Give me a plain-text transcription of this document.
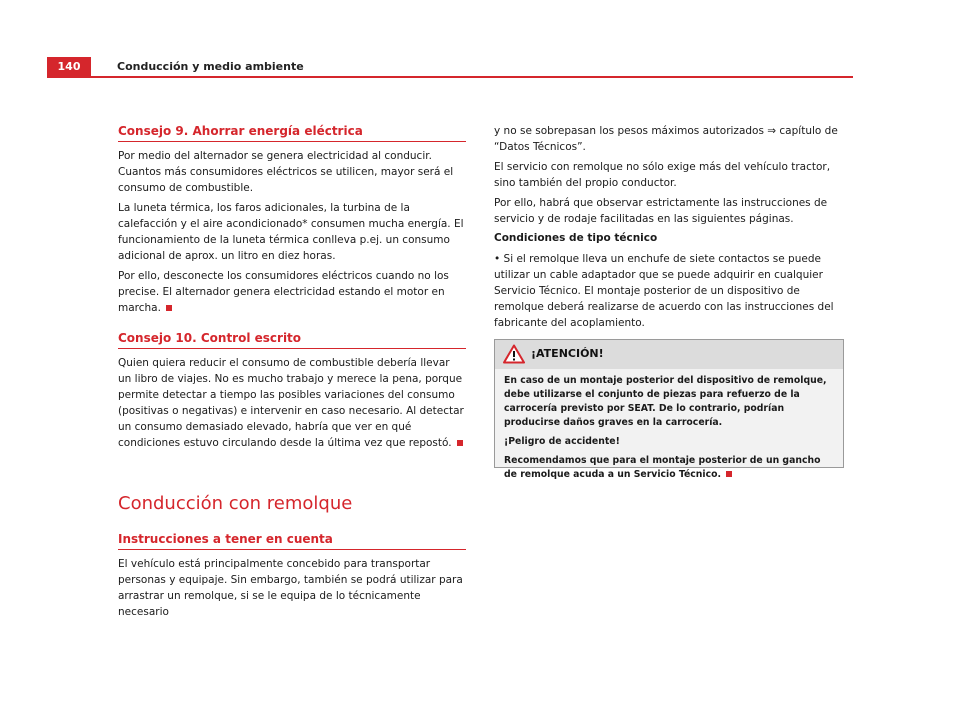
140	Conducción y medio ambiente
Consejo 9. Ahorrar energía eléctrica

Por medio del alternador se genera electricidad al conducir. Cuantos más consumidores eléctricos se utilicen, mayor será el consumo de combustible.

La luneta térmica, los faros adicionales, la turbina de la calefacción y el aire acondicionado* consumen mucha energía. El funcionamiento de la luneta térmica conlleva p.ej. un consumo adicional de aprox. un litro en diez horas.

Por ello, desconecte los consumidores eléctricos cuando no los precise. El alternador genera electricidad estando el motor en marcha.

Consejo 10. Control escrito

Quien quiera reducir el consumo de combustible debería llevar un libro de viajes. No es mucho trabajo y merece la pena, porque permite detectar a tiempo las posibles variaciones del consumo (positivas o negativas) e intervenir en caso necesario. Al detectar un consumo demasiado elevado, habría que ver en qué condiciones estuvo circulando desde la última vez que repostó.

Conducción con remolque
Instrucciones a tener en cuenta

El vehículo está principalmente concebido para transportar personas y equipaje. Sin embargo, también se podrá utilizar para arrastrar un remolque, si se le equipa de lo técnicamente necesario

y no se sobrepasan los pesos máximos autorizados ⇒ capítulo de “Datos Técnicos”.

El servicio con remolque no sólo exige más del vehículo tractor, sino también del propio conductor.

Por ello, habrá que observar estrictamente las instrucciones de servicio y de rodaje facilitadas en las siguientes páginas.

Condiciones de tipo técnico

• Si el remolque lleva un enchufe de siete contactos se puede utilizar un cable adaptador que se puede adquirir en cualquier Servicio Técnico. El montaje posterior de un dispositivo de remolque deberá realizarse de acuerdo con las instrucciones del fabricante del acoplamiento.

¡ATENCIÓN!

En caso de un montaje posterior del dispositivo de remolque, debe utilizarse el conjunto de piezas para refuerzo de la carrocería previsto por SEAT. De lo contrario, podrían producirse daños graves en la carrocería.

¡Peligro de accidente!

Recomendamos que para el montaje posterior de un gancho de remolque acuda a un Servicio Técnico.
